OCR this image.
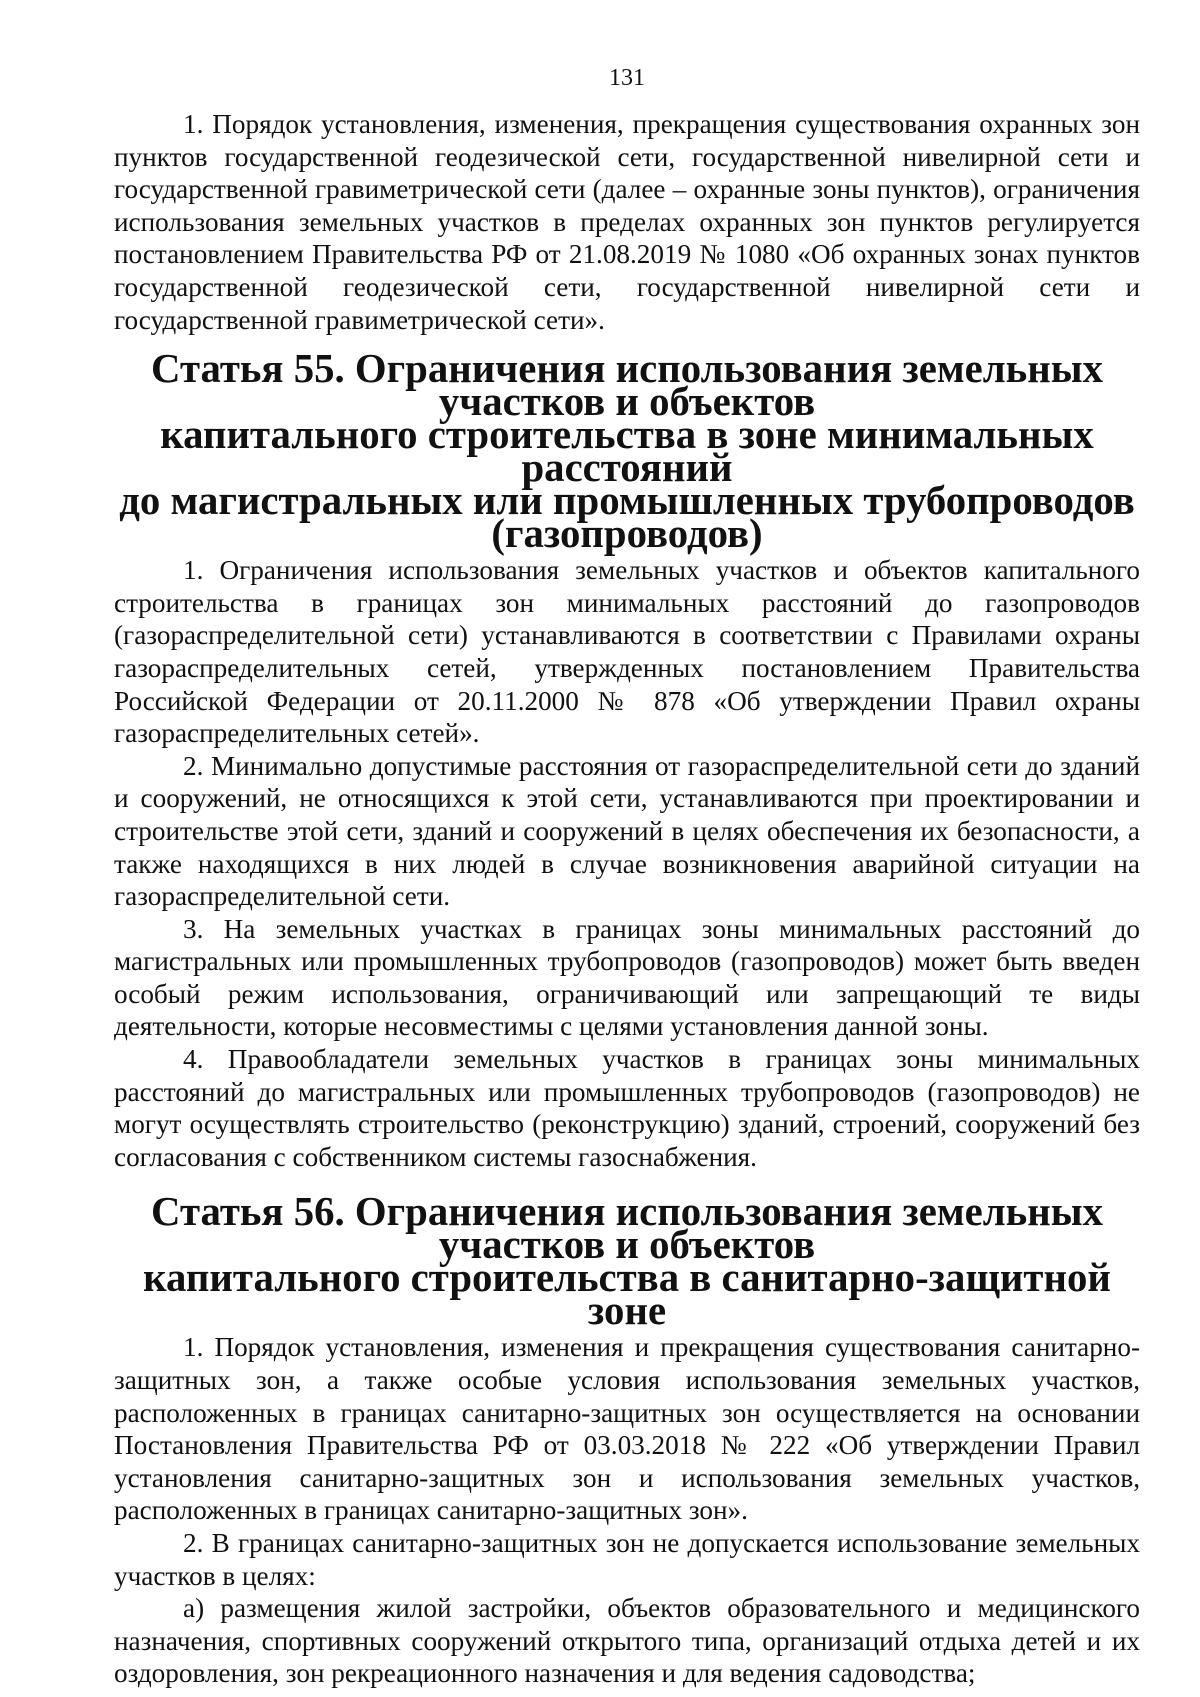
131

1. Порядок установления, изменения, прекращения существования охранных зон пунктов государственной геодезической сети, государственной нивелирной сети и государственной гравиметрической сети (далее – охранные зоны пунктов), ограничения использования земельных участков в пределах охранных зон пунктов регулируется постановлением Правительства РФ от 21.08.2019 № 1080 «Об охранных зонах пунктов государственной геодезической сети, государственной нивелирной сети и государственной гравиметрической сети».

Статья 55. Ограничения использования земельных участков и объектов
капитального строительства в зоне минимальных расстояний
до магистральных или промышленных трубопроводов (газопроводов)

1. Ограничения использования земельных участков и объектов капитального строительства в границах зон минимальных расстояний до газопроводов (газораспределительной сети) устанавливаются в соответствии с Правилами охраны газораспределительных сетей, утвержденных постановлением Правительства Российской Федерации от 20.11.2000 № 878 «Об утверждении Правил охраны газораспределительных сетей».

2. Минимально допустимые расстояния от газораспределительной сети до зданий и сооружений, не относящихся к этой сети, устанавливаются при проектировании и строительстве этой сети, зданий и сооружений в целях обеспечения их безопасности, а также находящихся в них людей в случае возникновения аварийной ситуации на газораспределительной сети.

3. На земельных участках в границах зоны минимальных расстояний до магистральных или промышленных трубопроводов (газопроводов) может быть введен особый режим использования, ограничивающий или запрещающий те виды деятельности, которые несовместимы с целями установления данной зоны.

4. Правообладатели земельных участков в границах зоны минимальных расстояний до магистральных или промышленных трубопроводов (газопроводов) не могут осуществлять строительство (реконструкцию) зданий, строений, сооружений без согласования с собственником системы газоснабжения.

Статья 56. Ограничения использования земельных участков и объектов
капитального строительства в санитарно-защитной зоне

1. Порядок установления, изменения и прекращения существования санитарно-защитных зон, а также особые условия использования земельных участков, расположенных в границах санитарно-защитных зон осуществляется на основании Постановления Правительства РФ от 03.03.2018 № 222 «Об утверждении Правил установления санитарно-защитных зон и использования земельных участков, расположенных в границах санитарно-защитных зон».

2. В границах санитарно-защитных зон не допускается использование земельных участков в целях:

а) размещения жилой застройки, объектов образовательного и медицинского назначения, спортивных сооружений открытого типа, организаций отдыха детей и их оздоровления, зон рекреационного назначения и для ведения садоводства;
